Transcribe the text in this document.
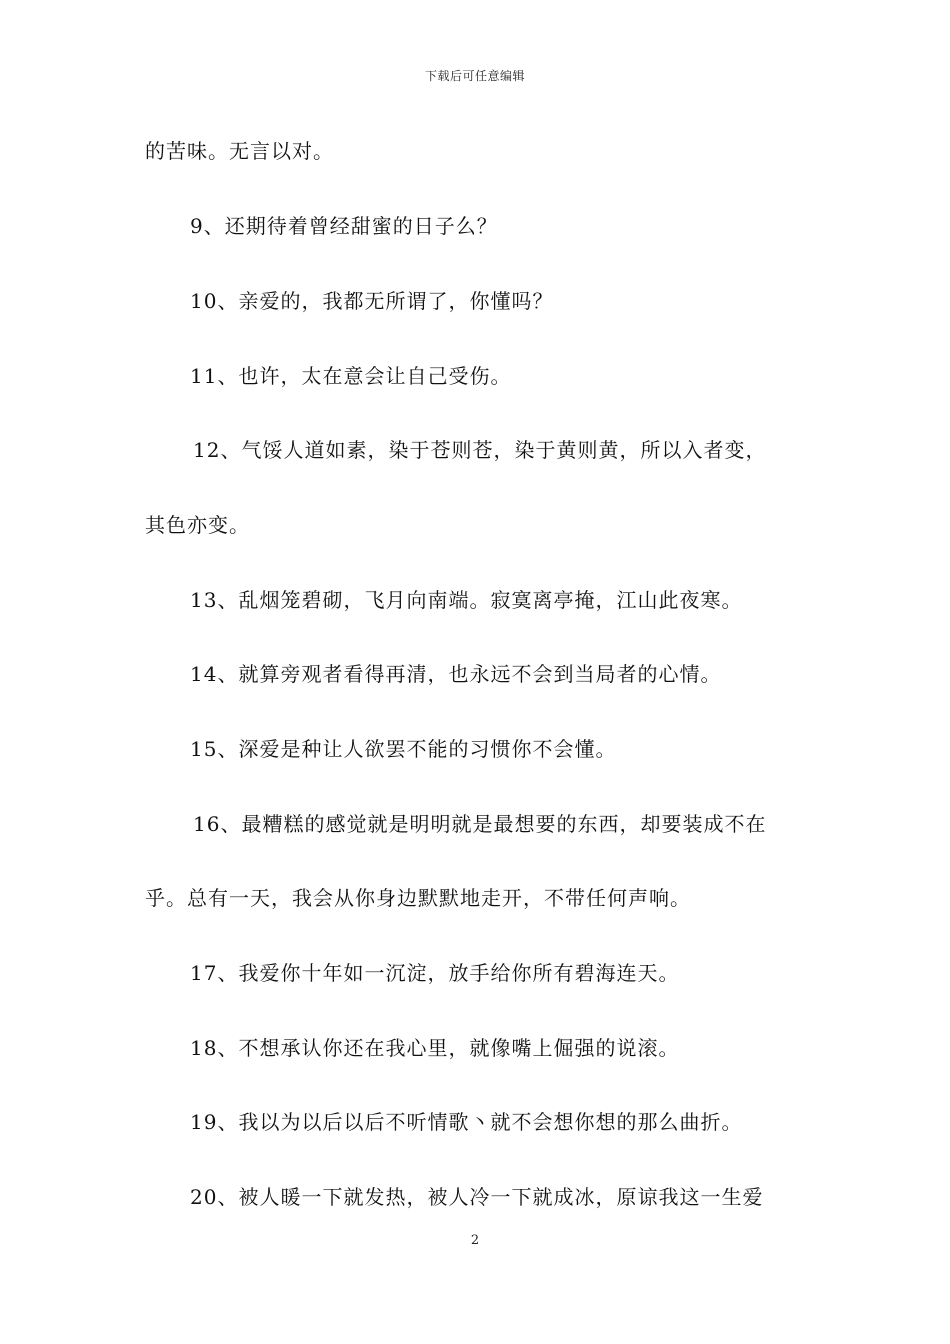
下载后可任意编辑
的苦味。无言以对。
9、还期待着曾经甜蜜的日子么？
10、亲爱的，我都无所谓了，你懂吗？
11、也许，太在意会让自己受伤。
12、气馁人道如素，染于苍则苍，染于黄则黄，所以入者变，
其色亦变。
13、乱烟笼碧砌，飞月向南端。寂寞离亭掩，江山此夜寒。
14、就算旁观者看得再清，也永远不会到当局者的心情。
15、深爱是种让人欲罢不能的习惯你不会懂。
16、最糟糕的感觉就是明明就是最想要的东西，却要装成不在
乎。总有一天，我会从你身边默默地走开，不带任何声响。
17、我爱你十年如一沉淀，放手给你所有碧海连天。
18、不想承认你还在我心里，就像嘴上倔强的说滚。
19、我以为以后以后不听情歌丶就不会想你想的那么曲折。
20、被人暖一下就发热，被人冷一下就成冰，原谅我这一生爱
2
